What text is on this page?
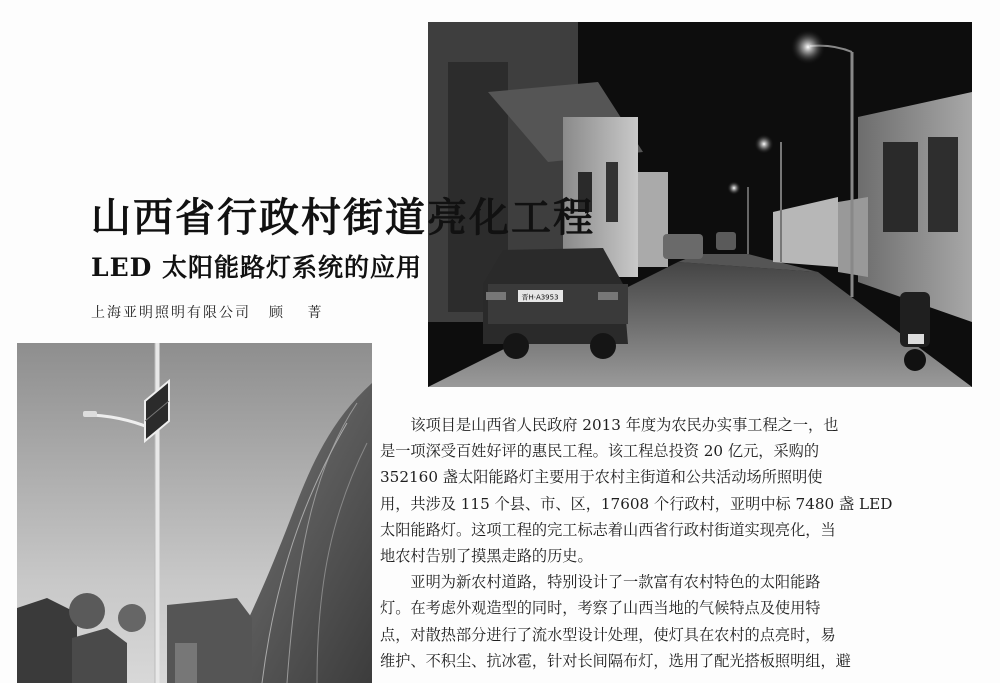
晋H·A3953
山西省行政村街道亮化工程
LED 太阳能路灯系统的应用
上海亚明照明有限公司 顾 菁

该项目是山西省人民政府 2013 年度为农民办实事工程之一，也
是一项深受百姓好评的惠民工程。该工程总投资 20 亿元，采购的
352160 盏太阳能路灯主要用于农村主街道和公共活动场所照明使
用，共涉及 115 个县、市、区，17608 个行政村，亚明中标 7480 盏 LED
太阳能路灯。这项工程的完工标志着山西省行政村街道实现亮化，当
地农村告别了摸黑走路的历史。

亚明为新农村道路，特别设计了一款富有农村特色的太阳能路
灯。在考虑外观造型的同时，考察了山西当地的气候特点及使用特
点，对散热部分进行了流水型设计处理，使灯具在农村的点亮时，易
维护、不积尘、抗冰雹，针对长间隔布灯，选用了配光搭板照明组，避
